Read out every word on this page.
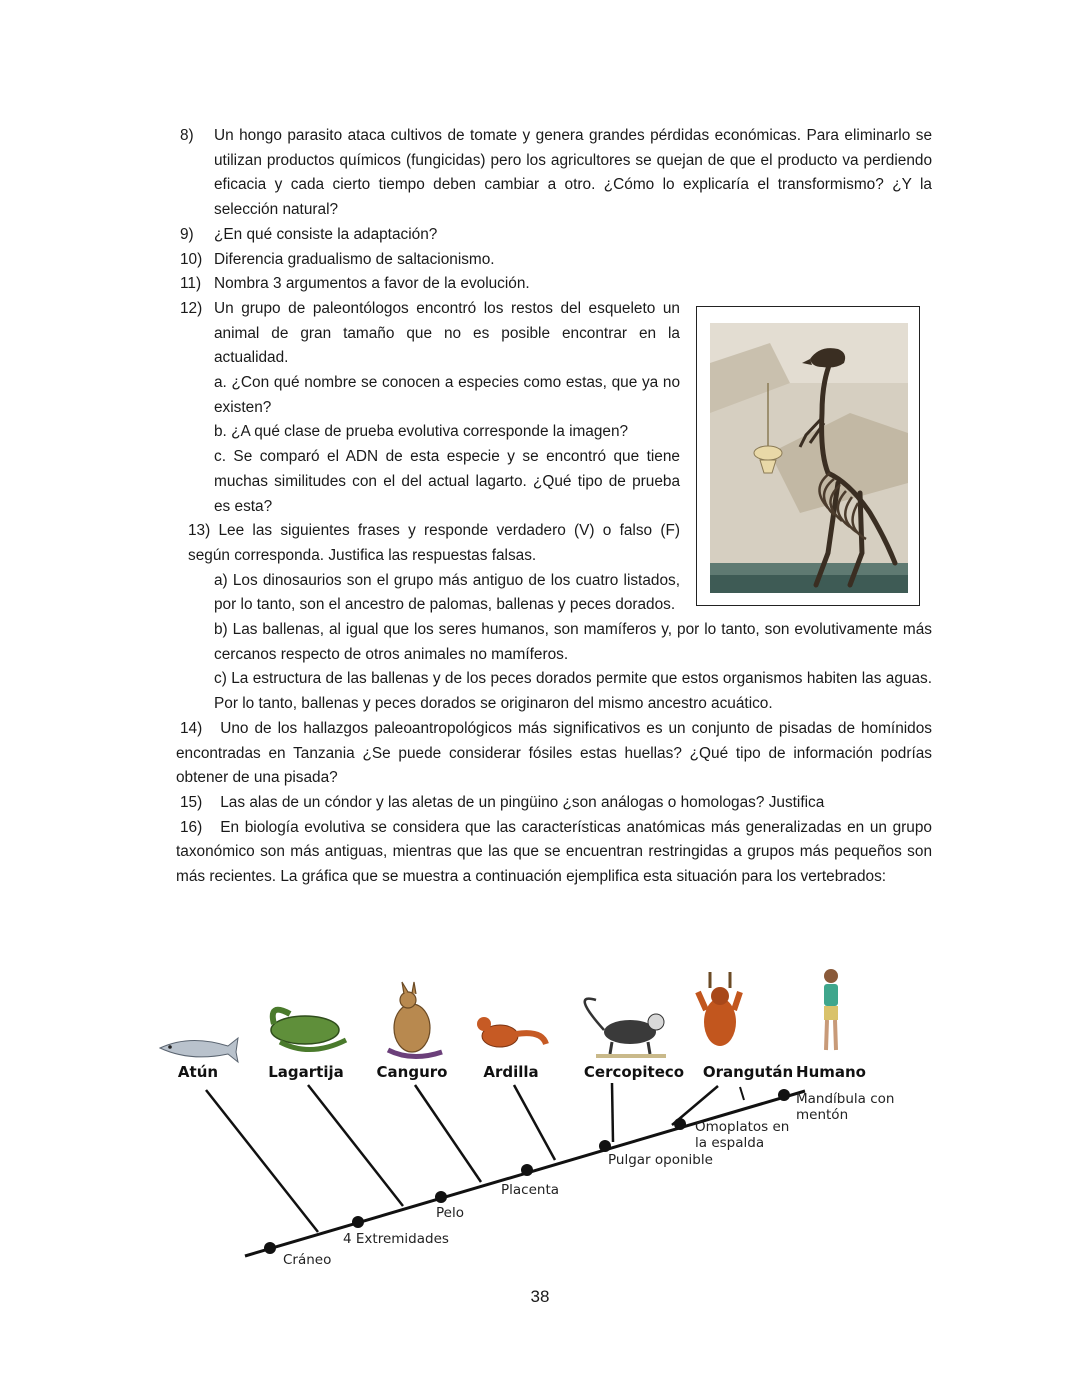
8)	Un hongo parasito ataca cultivos de tomate y genera grandes pérdidas económicas. Para eliminarlo se utilizan productos químicos (fungicidas) pero los agricultores se quejan de que el producto va perdiendo eficacia y cada cierto tiempo deben cambiar a otro. ¿Cómo lo explicaría el transformismo? ¿Y la selección natural?
9)	¿En qué consiste la adaptación?
10) Diferencia gradualismo de saltacionismo.
11) Nombra 3 argumentos a favor de la evolución.
12) Un grupo de paleontólogos encontró los restos del esqueleto un animal de gran tamaño que no es posible encontrar en la actualidad.
a. ¿Con qué nombre se conocen a especies como estas, que ya no existen?
b. ¿A qué clase de prueba evolutiva corresponde la imagen?
c. Se comparó el ADN de esta especie y se encontró que tiene muchas similitudes con el del actual lagarto. ¿Qué tipo de prueba es esta?
13) Lee las siguientes frases y responde verdadero (V) o falso (F) según corresponda. Justifica las respuestas falsas.
a) Los dinosaurios son el grupo más antiguo de los cuatro listados, por lo tanto, son el ancestro de palomas, ballenas y peces dorados.
b) Las ballenas, al igual que los seres humanos, son mamíferos y, por lo tanto, son evolutivamente más cercanos respecto de otros animales no mamíferos.
c) La estructura de las ballenas y de los peces dorados permite que estos organismos habiten las aguas. Por lo tanto, ballenas y peces dorados se originaron del mismo ancestro acuático.
14) Uno de los hallazgos paleoantropológicos más significativos es un conjunto de pisadas de homínidos encontradas en Tanzania ¿Se puede considerar fósiles estas huellas? ¿Qué tipo de información podrías obtener de una pisada?
15) Las alas de un cóndor y las aletas de un pingüino ¿son análogas o homologas? Justifica
16) En biología evolutiva se considera que las características anatómicas más generalizadas en un grupo taxonómico son más antiguas, mientras que las que se encuentran restringidas a grupos más pequeños son más recientes. La gráfica que se muestra a continuación ejemplifica esta situación para los vertebrados:
Atún	Lagartija Canguro Ardilla	Cercopiteco Orangután Humano
Cráneo
4 Extremidades
Pelo
Placenta
Pulgar oponible
Omoplatos en
la espalda
Mandíbula con
mentón
38
